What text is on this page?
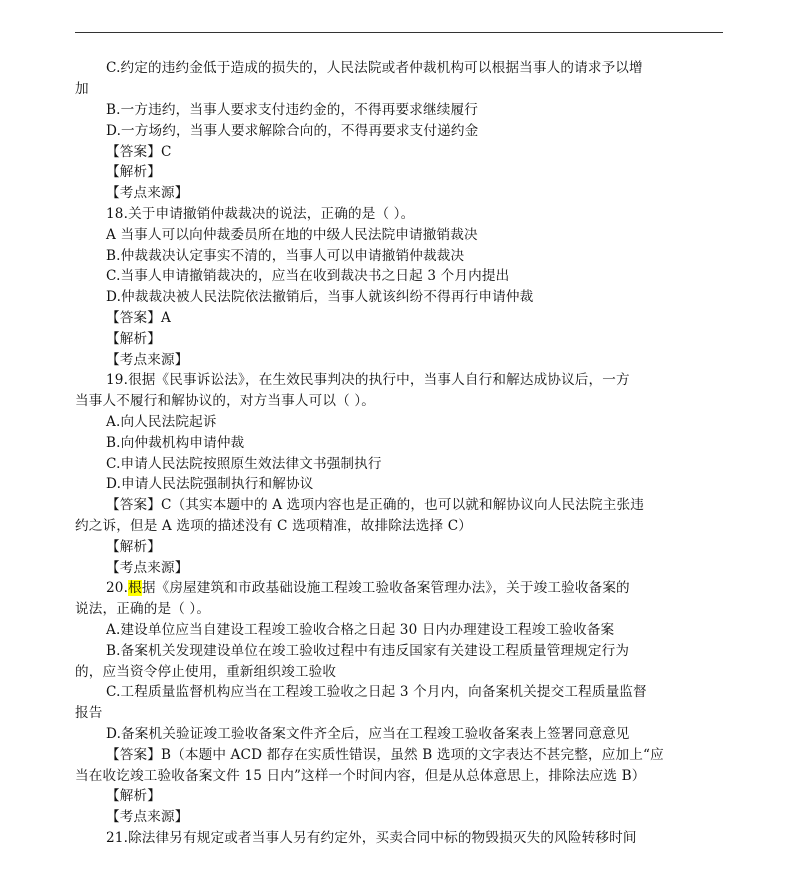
C.约定的违约金低于造成的损失的，人民法院或者仲裁机构可以根据当事人的请求予以增
加
B.一方违约，当事人要求支付违约金的，不得再要求继续履行
D.一方场约，当事人要求解除合向的，不得再要求支付递约金
【答案】C
【解析】
【考点来源】
18.关于申请撤销仲裁裁决的说法，正确的是（ ）。
A 当事人可以向仲裁委员所在地的中级人民法院申请撤销裁决
B.仲裁裁决认定事实不清的，当事人可以申请撤销仲裁裁决
C.当事人申请撤销裁决的，应当在收到裁决书之日起 3 个月内提出
D.仲裁裁决被人民法院依法撤销后，当事人就该纠纷不得再行申请仲裁
【答案】A
【解析】
【考点来源】
19.很据《民事诉讼法》，在生效民事判决的执行中，当事人自行和解达成协议后，一方
当事人不履行和解协议的，对方当事人可以（ ）。
A.向人民法院起诉
B.向仲裁机构申请仲裁
C.申请人民法院按照原生效法律文书强制执行
D.申请人民法院强制执行和解协议
【答案】C（其实本题中的 A 选项内容也是正确的，也可以就和解协议向人民法院主张违
约之诉，但是 A 选项的描述没有 C 选项精准，故排除法选择 C）
【解析】
【考点来源】
20.根据《房屋建筑和市政基础设施工程竣工验收备案管理办法》，关于竣工验收备案的
说法，正确的是（ ）。
A.建设单位应当自建设工程竣工验收合格之日起 30 日内办理建设工程竣工验收备案
B.备案机关发现建设单位在竣工验收过程中有违反国家有关建设工程质量管理规定行为
的，应当资令停止使用，重新组织竣工验收
C.工程质量监督机构应当在工程竣工验收之日起 3 个月内，向备案机关提交工程质量监督
报告
D.备案机关验证竣工验收备案文件齐全后，应当在工程竣工验收备案表上签署同意意见
【答案】B（本题中 ACD 都存在实质性错误，虽然 B 选项的文字表达不甚完整，应加上“应
当在收讫竣工验收备案文件 15 日内”这样一个时间内容，但是从总体意思上，排除法应选 B）
【解析】
【考点来源】
21.除法律另有规定或者当事人另有约定外，买卖合同中标的物毁损灭失的风险转移时间
